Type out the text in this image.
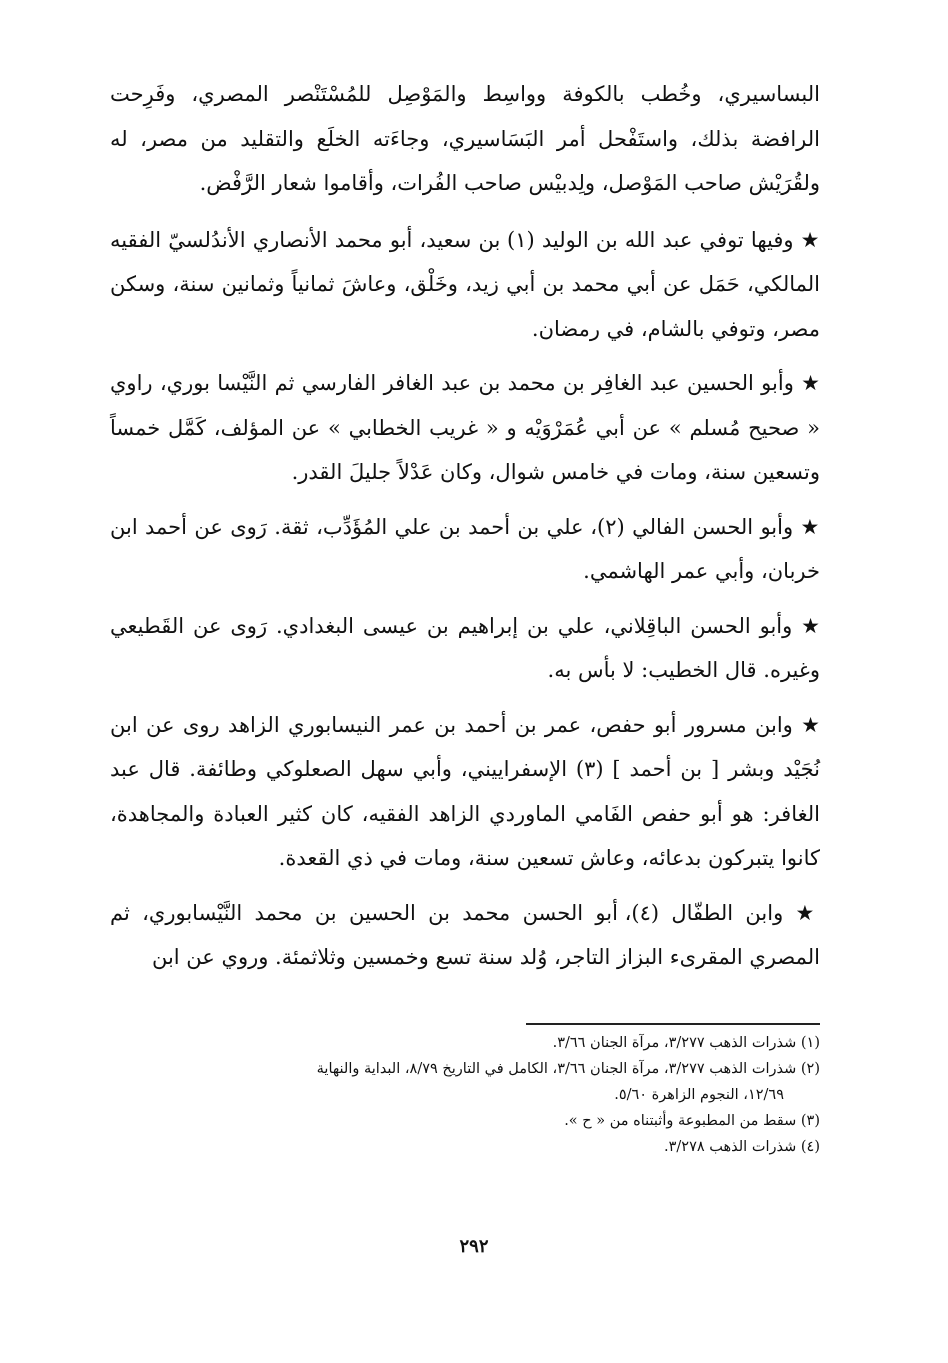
البساسيري، وخُطب بالكوفة وواسِط والمَوْصِل للمُسْتَنْصر المصري، وفَرِحت الرافضة بذلك، واستَفْحل أمر البَسَاسيري، وجاءَته الخلَع والتقليد من مصر، له ولقُرَيْش صاحب المَوْصل، ولِدبيْس صاحب الفُرات، وأقاموا شعار الرَّفْض.

★ وفيها توفي عبد الله بن الوليد (١) بن سعيد، أبو محمد الأنصاري الأندُلسيّ الفقيه المالكي، حَمَل عن أبي محمد بن أبي زيد، وخَلْق، وعاشَ ثمانياً وثمانين سنة، وسكن مصر، وتوفي بالشام، في رمضان.

★ وأبو الحسين عبد الغافِر بن محمد بن عبد الغافر الفارسي ثم النَّيْسا بوري، راوي « صحيح مُسلم » عن أبي عُمَرْوَيْه و « غريب الخطابي » عن المؤلف، كَمَّل خمساً وتسعين سنة، ومات في خامس شوال، وكان عَدْلاً جليلَ القدر.

★ وأبو الحسن الفالي (٢)، علي بن أحمد بن علي المُؤَدِّب، ثقة. رَوى عن أحمد ابن خربان، وأبي عمر الهاشمي.

★ وأبو الحسن الباقِلاني، علي بن إبراهيم بن عيسى البغدادي. رَوى عن القَطيعي وغيره. قال الخطيب: لا بأس به.

★ وابن مسرور أبو حفص، عمر بن أحمد بن عمر النيسابوري الزاهد روى عن ابن نُجَيْد وبشر [ بن أحمد ] (٣) الإسفراييني، وأبي سهل الصعلوكي وطائفة. قال عبد الغافر: هو أبو حفص الفَامي الماوردي الزاهد الفقيه، كان كثير العبادة والمجاهدة، كانوا يتبركون بدعائه، وعاش تسعين سنة، ومات في ذي القعدة.

★ وابن الطفّال (٤)، أبو الحسن محمد بن الحسين بن محمد النَّيْسابوري، ثم المصري المقرىء البزاز التاجر، وُلد سنة تسع وخمسين وثلاثمئة. وروي عن ابن

(١) شذرات الذهب ٣/٢٧٧، مرآة الجنان ٣/٦٦.

(٢) شذرات الذهب ٣/٢٧٧، مرآة الجنان ٣/٦٦، الكامل في التاريخ ٨/٧٩، البداية والنهاية

١٢/٦٩، النجوم الزاهرة ٥/٦٠.

(٣) سقط من المطبوعة وأثبتناه من « ح ».

(٤) شذرات الذهب ٣/٢٧٨.

٢٩٢
